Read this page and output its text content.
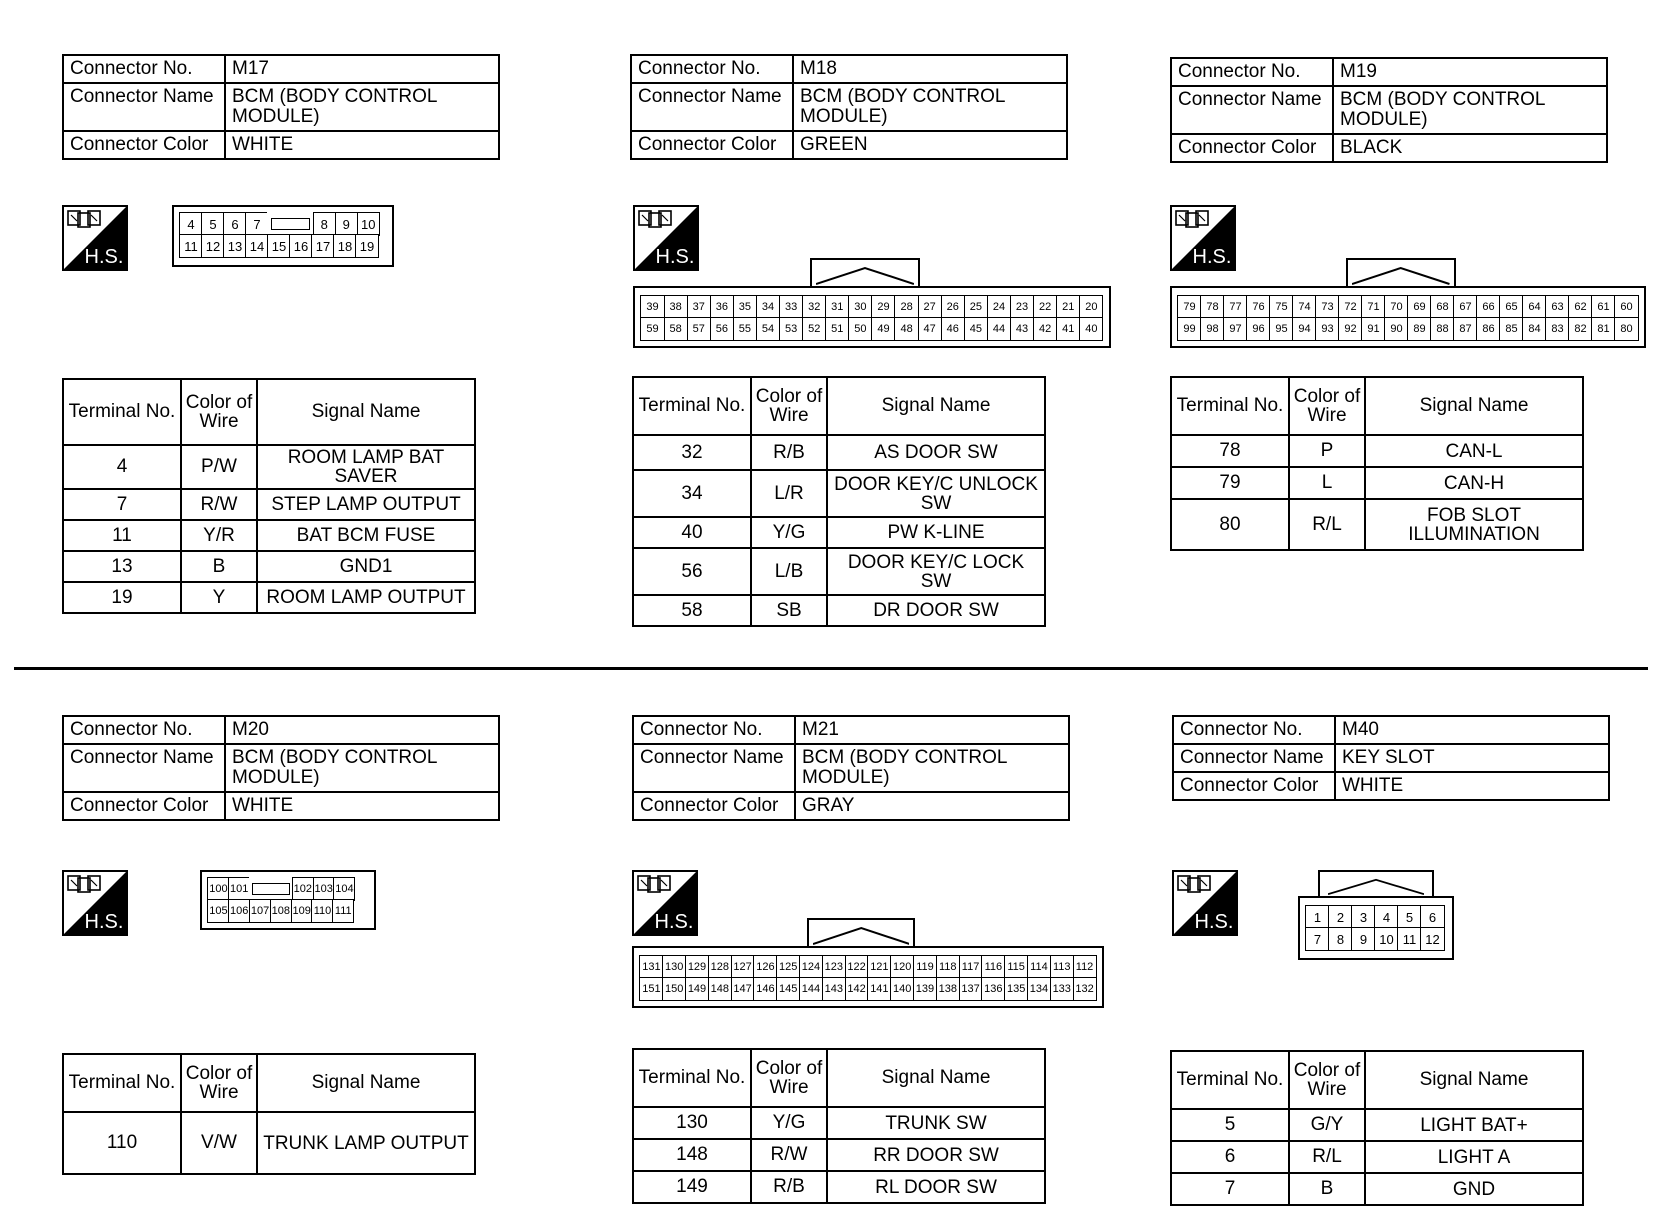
Connector No.	M17
Connector Name	BCM (BODY CONTROL MODULE)
Connector Color	WHITE
H.S.
4	5	6	7	8	9 10
11 12 13 14 15 16 17 18 19
Terminal No.	Color of Wire	Signal Name
4	P/W	ROOM LAMP BAT SAVER
7	R/W	STEP LAMP OUTPUT
11	Y/R	BAT BCM FUSE
13	B	GND1
19	Y	ROOM LAMP OUTPUT
Connector No.	M18
Connector Name	BCM (BODY CONTROL MODULE)
Connector Color	GREEN
H.S.
39 38 37 36 35 34 33 32 31 30 29 28 27 26 25 24 23 22 21 20
59 58 57 56 55 54 53 52 51 50 49 48 47 46 45 44 43 42 41 40
Terminal No.	Color of Wire	Signal Name
32	R/B	AS DOOR SW
34	L/R	DOOR KEY/C UNLOCK SW
40	Y/G	PW K-LINE
56	L/B	DOOR KEY/C LOCK SW
58	SB	DR DOOR SW
Connector No.	M19
Connector Name	BCM (BODY CONTROL MODULE)
Connector Color	BLACK
H.S.
79 78 77 76 75 74 73 72 71 70 69 68 67 66 65 64 63 62 61 60
99 98 97 96 95 94 93 92 91 90 89 88 87 86 85 84 83 82 81 80
Terminal No.	Color of Wire	Signal Name
78	P	CAN-L
79	L	CAN-H
80	R/L	FOB SLOT ILLUMINATION
Connector No.	M20
Connector Name	BCM (BODY CONTROL MODULE)
Connector Color	WHITE
H.S.
100 101	102 103 104
105 106 107 108 109 110 111
Terminal No.	Color of Wire	Signal Name
110	V/W	TRUNK LAMP OUTPUT
Connector No.	M21
Connector Name	BCM (BODY CONTROL MODULE)
Connector Color	GRAY
H.S.
131 130 129 128 127 126 125 124 123 122 121 120 119 118 117 116 115 114 113 112
151 150 149 148 147 146 145 144 143 142 141 140 139 138 137 136 135 134 133 132
Terminal No.	Color of Wire	Signal Name
130	Y/G	TRUNK SW
148	R/W	RR DOOR SW
149	R/B	RL DOOR SW
Connector No.	M40
Connector Name	KEY SLOT
Connector Color	WHITE
H.S.	1	2	3	4	5	6
7	8	9 10 11 12
Terminal No.	Color of Wire	Signal Name
5	G/Y	LIGHT BAT+
6	R/L	LIGHT A
7	B	GND
